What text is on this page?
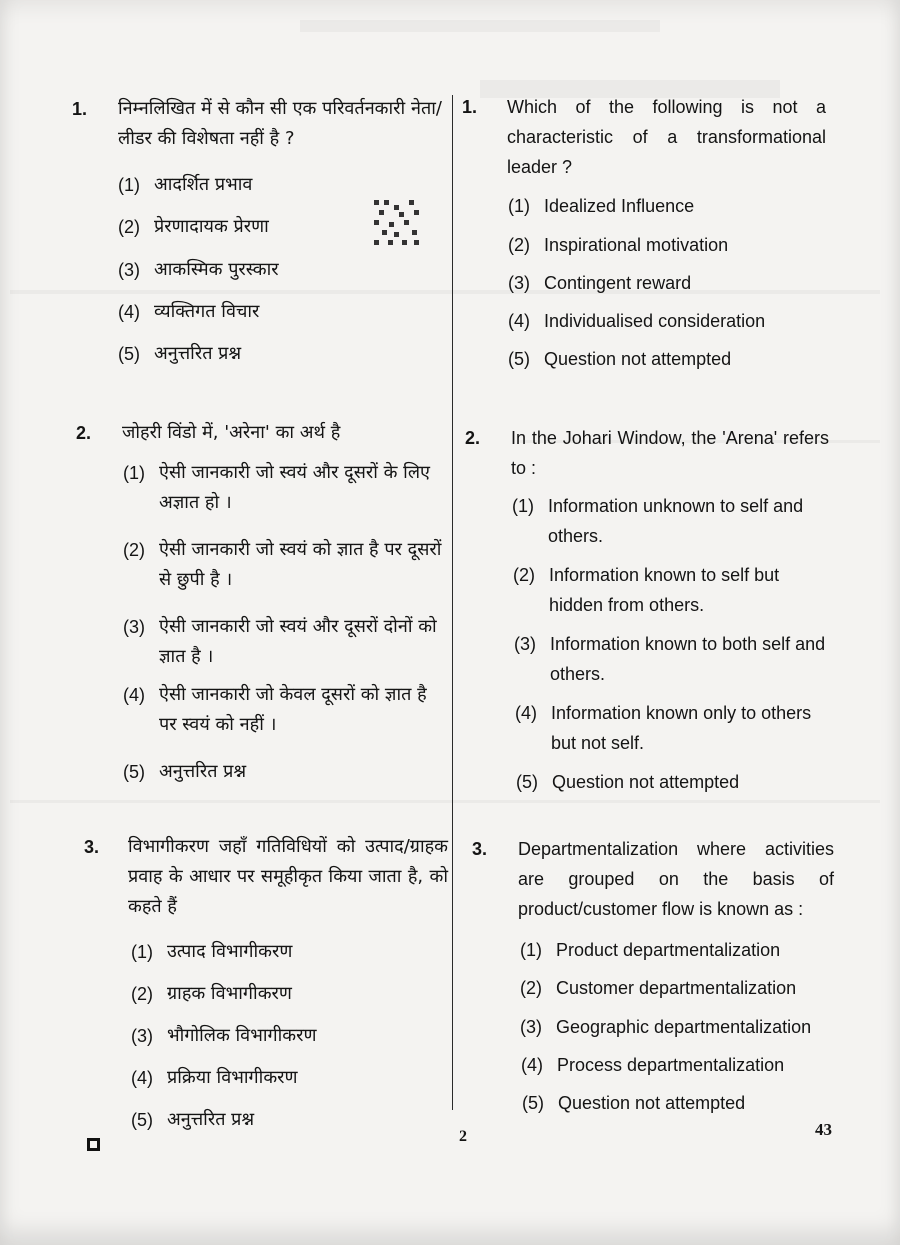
1. निम्नलिखित में से कौन सी एक परिवर्तनकारी नेता/लीडर की विशेषता नहीं है ?
(1) आदर्शित प्रभाव
(2) प्रेरणादायक प्रेरणा
(3) आकस्मिक पुरस्कार
(4) व्यक्तिगत विचार
(5) अनुत्तरित प्रश्न
2. जोहरी विंडो में, 'अरेना' का अर्थ है
(1) ऐसी जानकारी जो स्वयं और दूसरों के लिए अज्ञात हो ।
(2) ऐसी जानकारी जो स्वयं को ज्ञात है पर दूसरों से छुपी है ।
(3) ऐसी जानकारी जो स्वयं और दूसरों दोनों को ज्ञात है ।
(4) ऐसी जानकारी जो केवल दूसरों को ज्ञात है पर स्वयं को नहीं ।
(5) अनुत्तरित प्रश्न
3. विभागीकरण जहाँ गतिविधियों को उत्पाद/ग्राहक प्रवाह के आधार पर समूहीकृत किया जाता है, को कहते हैं
(1) उत्पाद विभागीकरण
(2) ग्राहक विभागीकरण
(3) भौगोलिक विभागीकरण
(4) प्रक्रिया विभागीकरण
(5) अनुत्तरित प्रश्न
1. Which of the following is not a characteristic of a transformational leader ?
(1) Idealized Influence
(2) Inspirational motivation
(3) Contingent reward
(4) Individualised consideration
(5) Question not attempted
2. In the Johari Window, the 'Arena' refers to :
(1) Information unknown to self and others.
(2) Information known to self but hidden from others.
(3) Information known to both self and others.
(4) Information known only to others but not self.
(5) Question not attempted
3. Departmentalization where activities are grouped on the basis of product/customer flow is known as :
(1) Product departmentalization
(2) Customer departmentalization
(3) Geographic departmentalization
(4) Process departmentalization
(5) Question not attempted
2	43
